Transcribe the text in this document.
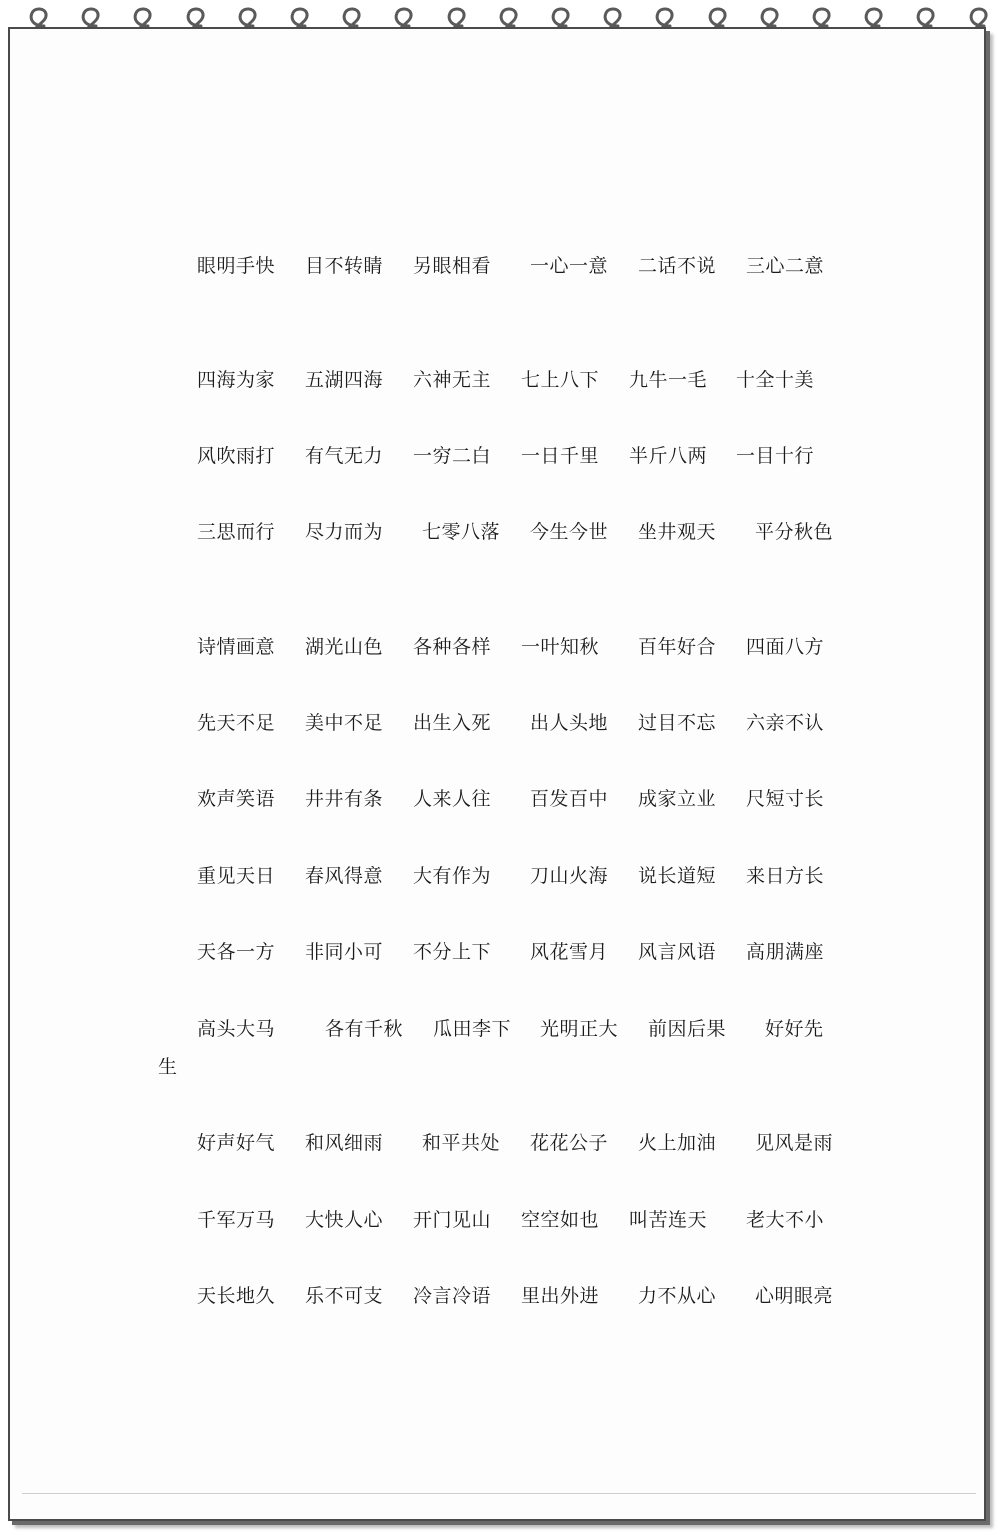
生
眼明手快 目不转睛 另眼相看 一心一意 二话不说 三心二意
四海为家 五湖四海 六神无主 七上八下 九牛一毛 十全十美
风吹雨打 有气无力 一穷二白 一日千里 半斤八两 一目十行
三思而行 尽力而为 七零八落 今生今世 坐井观天 平分秋色
诗情画意 湖光山色 各种各样 一叶知秋 百年好合 四面八方
先天不足 美中不足 出生入死 出人头地 过目不忘 六亲不认
欢声笑语 井井有条 人来人往 百发百中 成家立业 尺短寸长
重见天日 春风得意 大有作为 刀山火海 说长道短 来日方长
天各一方 非同小可 不分上下 风花雪月 风言风语 高朋满座
高头大马	各有千秋 瓜田李下 光明正大 前因后果 好好先
好声好气 和风细雨 和平共处 花花公子 火上加油 见风是雨
千军万马 大快人心 开门见山 空空如也 叫苦连天 老大不小
天长地久 乐不可支 冷言冷语 里出外进 力不从心 心明眼亮
